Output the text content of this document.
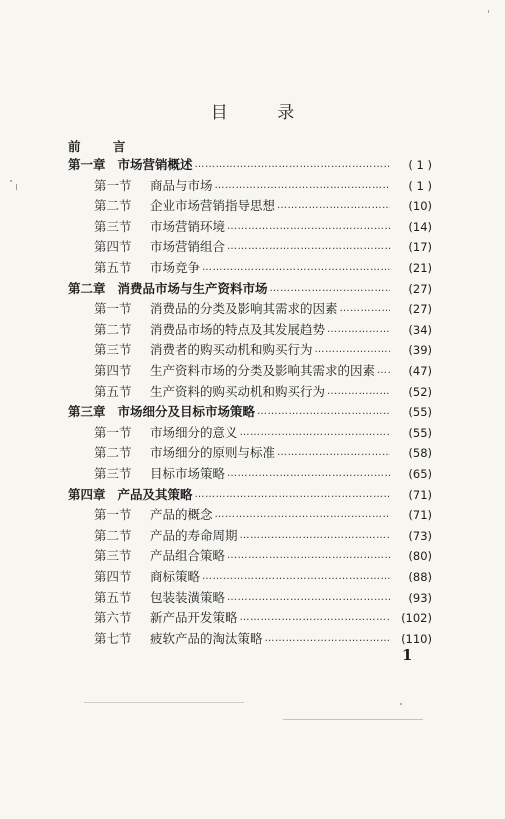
目 录
前 言
第一章 市场营销概述 ………………………………………………………………………………………………………………………………………………	( 1 )
第一节	商品与市场 ………………………………………………………………………………………………………………………………………………	( 1 )
第二节	企业市场营销指导思想 ………………………………………………………………………………………………………………………………………………	(10)
第三节	市场营销环境 ………………………………………………………………………………………………………………………………………………	(14)
第四节	市场营销组合 ………………………………………………………………………………………………………………………………………………	(17)
第五节	市场竞争 ………………………………………………………………………………………………………………………………………………	(21)
第二章 消费品市场与生产资料市场 ………………………………………………………………………………………………………………………………………………	(27)
第一节	消费品的分类及影响其需求的因素 ………………………………………………………………………………………………………………………………………………	(27)
第二节	消费品市场的特点及其发展趋势 ………………………………………………………………………………………………………………………………………………	(34)
第三节	消费者的购买动机和购买行为 ………………………………………………………………………………………………………………………………………………	(39)
第四节	生产资料市场的分类及影响其需求的因素 ………………………………………………………………………………………………………………………………………………	(47)
第五节	生产资料的购买动机和购买行为 ………………………………………………………………………………………………………………………………………………	(52)
第三章 市场细分及目标市场策略 ………………………………………………………………………………………………………………………………………………	(55)
第一节	市场细分的意义 ………………………………………………………………………………………………………………………………………………	(55)
第二节	市场细分的原则与标准 ………………………………………………………………………………………………………………………………………………	(58)
第三节	目标市场策略 ………………………………………………………………………………………………………………………………………………	(65)
第四章 产品及其策略 ………………………………………………………………………………………………………………………………………………	(71)
第一节	产品的概念 ………………………………………………………………………………………………………………………………………………	(71)
第二节	产品的寿命周期 ………………………………………………………………………………………………………………………………………………	(73)
第三节	产品组合策略 ………………………………………………………………………………………………………………………………………………	(80)
第四节	商标策略 ………………………………………………………………………………………………………………………………………………	(88)
第五节	包装装潢策略 ………………………………………………………………………………………………………………………………………………	(93)
第六节	新产品开发策略 ………………………………………………………………………………………………………………………………………………	(102)
第七节	疲软产品的淘汰策略 ………………………………………………………………………………………………………………………………………………	(110)
1
